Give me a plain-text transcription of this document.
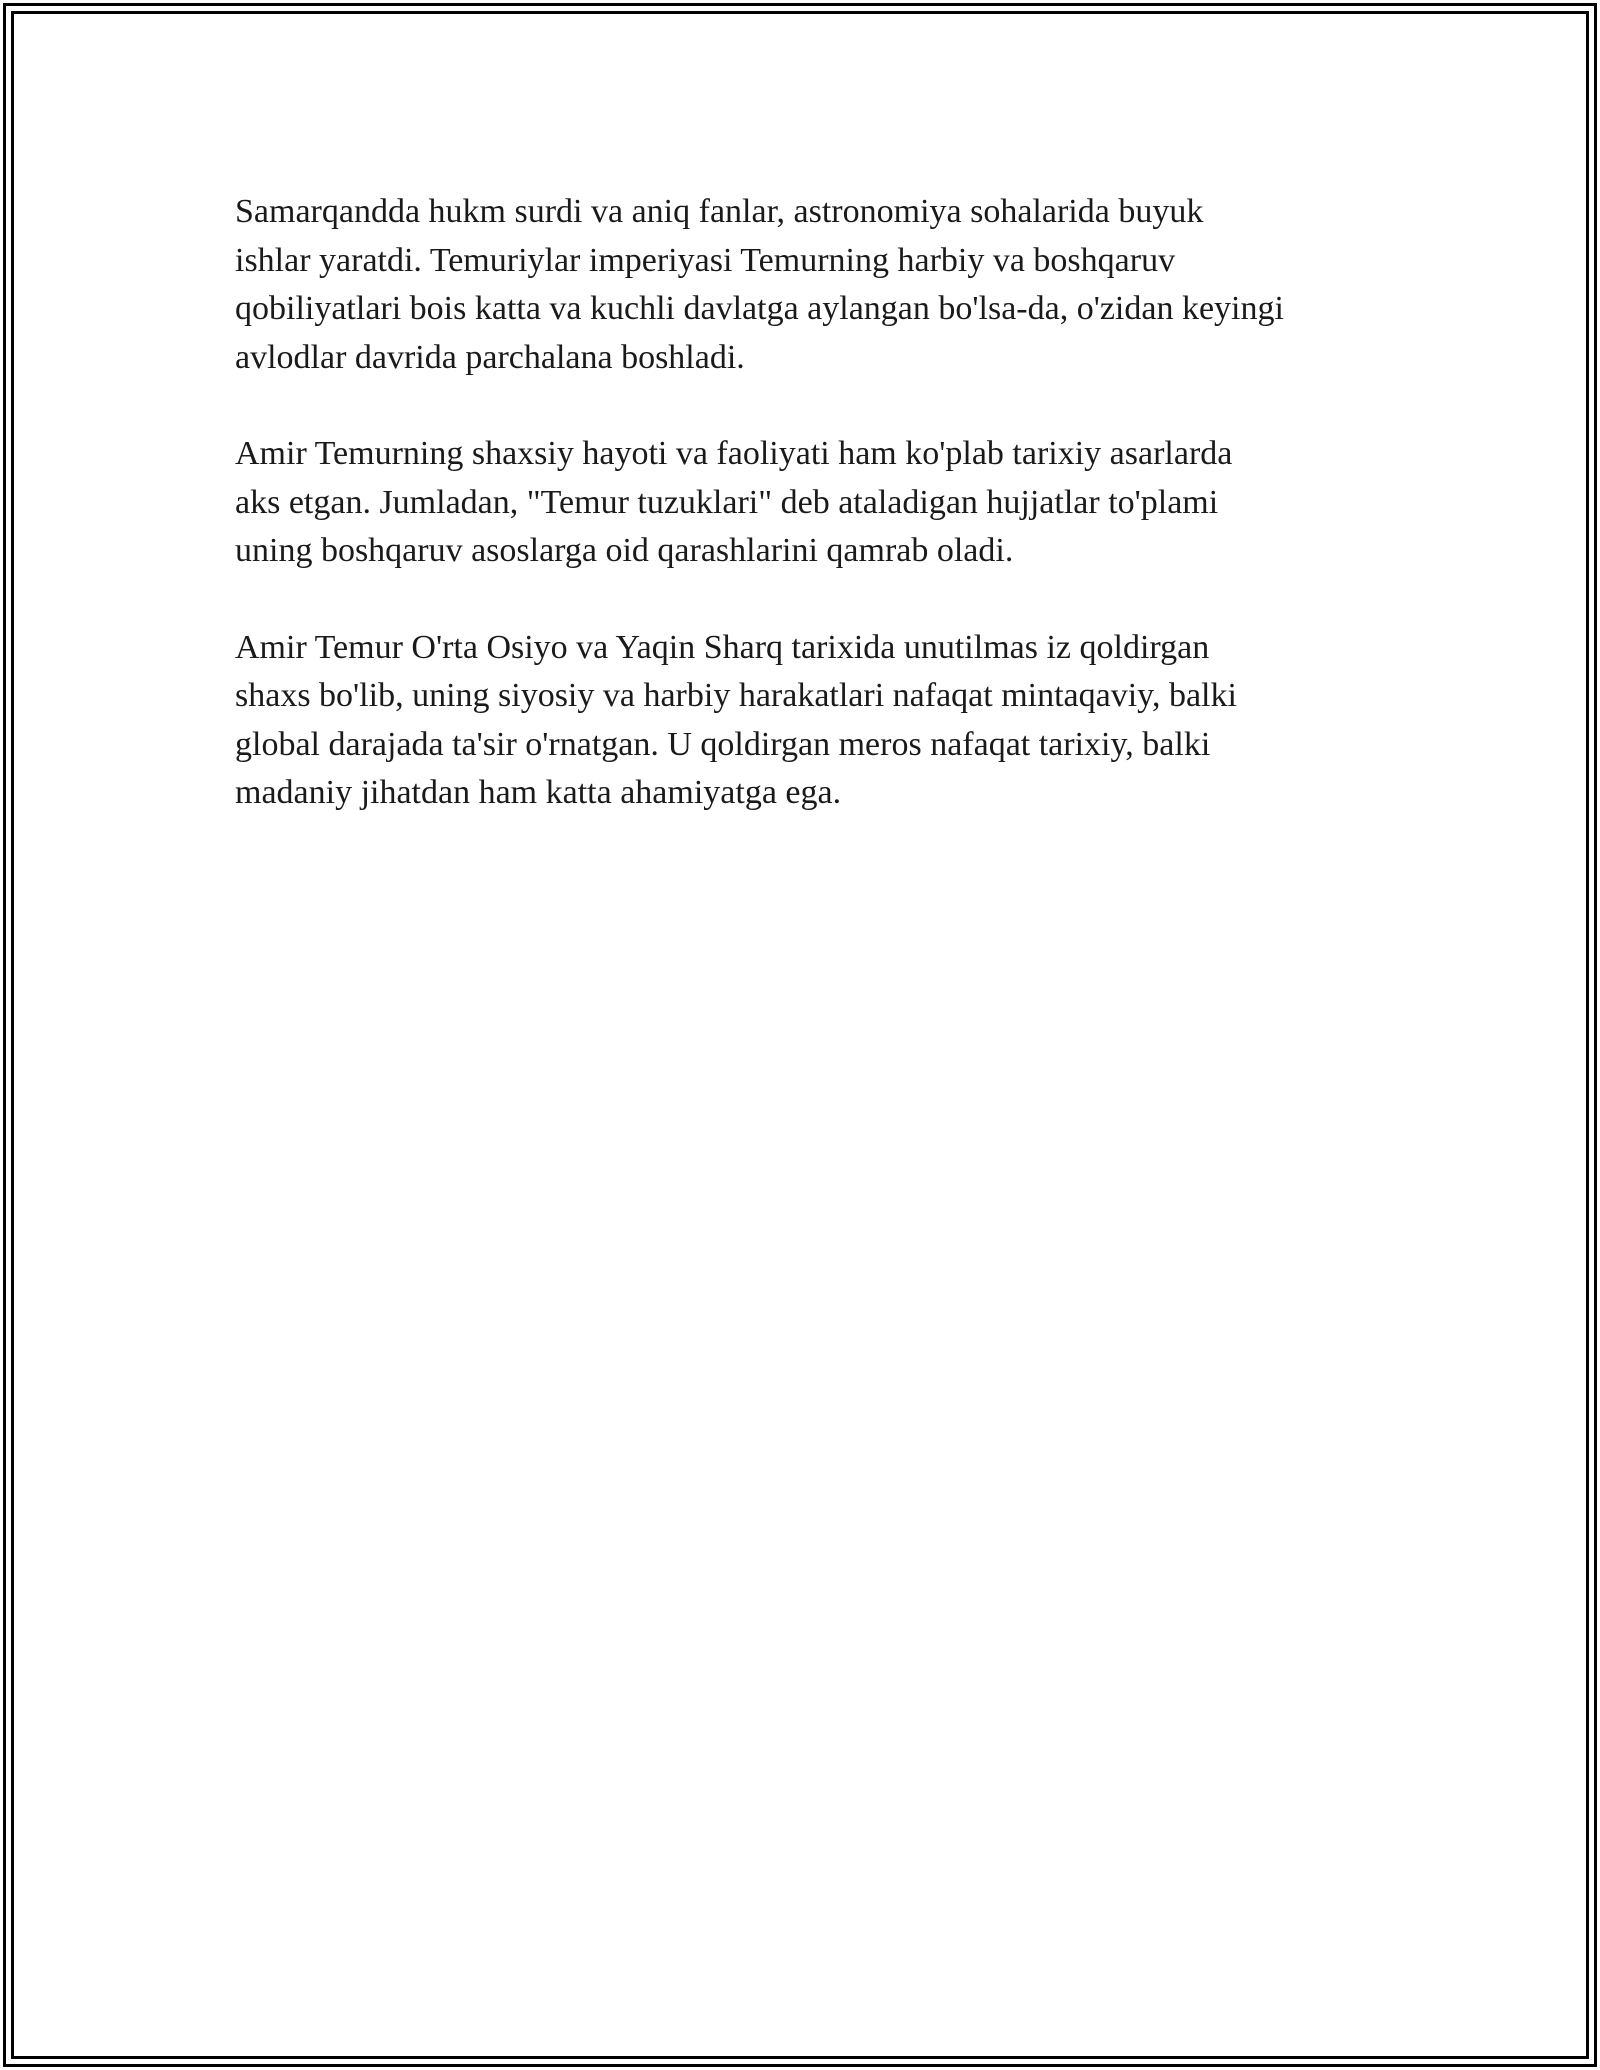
Samarqandda hukm surdi va aniq fanlar, astronomiya sohalarida buyuk
ishlar yaratdi. Temuriylar imperiyasi Temurning harbiy va boshqaruv
qobiliyatlari bois katta va kuchli davlatga aylangan bo'lsa-da, o'zidan keyingi
avlodlar davrida parchalana boshladi.

Amir Temurning shaxsiy hayoti va faoliyati ham ko'plab tarixiy asarlarda
aks etgan. Jumladan, "Temur tuzuklari" deb ataladigan hujjatlar to'plami
uning boshqaruv asoslarga oid qarashlarini qamrab oladi.

Amir Temur O'rta Osiyo va Yaqin Sharq tarixida unutilmas iz qoldirgan
shaxs bo'lib, uning siyosiy va harbiy harakatlari nafaqat mintaqaviy, balki
global darajada ta'sir o'rnatgan. U qoldirgan meros nafaqat tarixiy, balki
madaniy jihatdan ham katta ahamiyatga ega.
